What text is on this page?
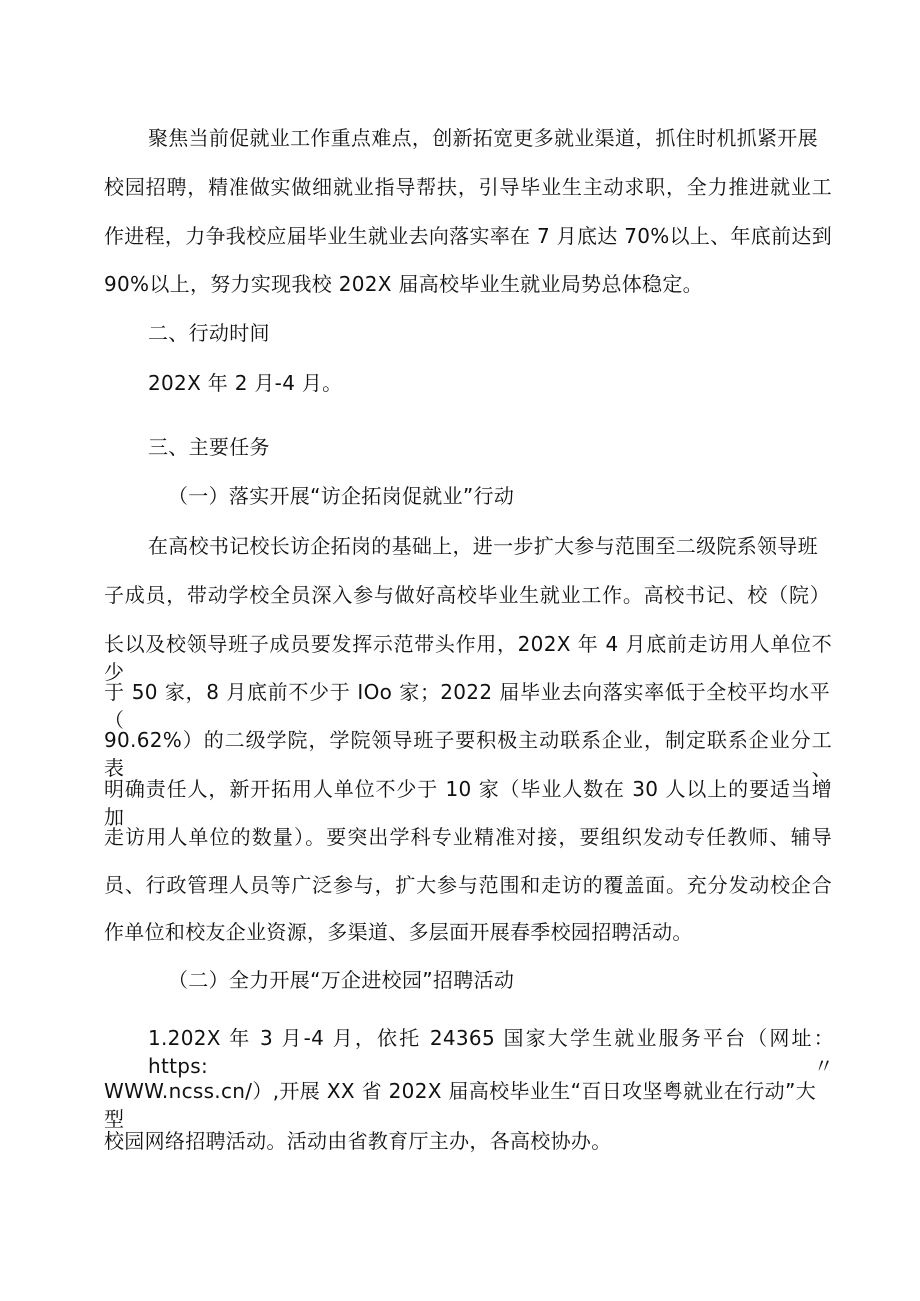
聚焦当前促就业工作重点难点，创新拓宽更多就业渠道，抓住时机抓紧开展
校园招聘，精准做实做细就业指导帮扶，引导毕业生主动求职，全力推进就业工
作进程，力争我校应届毕业生就业去向落实率在 7 月底达 70%以上、年底前达到
90%以上，努力实现我校 202X 届高校毕业生就业局势总体稳定。
二、行动时间
202X 年 2 月-4 月。
三、主要任务
（一）落实开展“访企拓岗促就业”行动
在高校书记校长访企拓岗的基础上，进一步扩大参与范围至二级院系领导班
子成员，带动学校全员深入参与做好高校毕业生就业工作。高校书记、校（院）
长以及校领导班子成员要发挥示范带头作用，202X 年 4 月底前走访用人单位不少
于 50 家，8 月底前不少于 IOo 家；2022 届毕业去向落实率低于全校平均水平（
90.62%）的二级学院，学院领导班子要积极主动联系企业，制定联系企业分工表、
明确责任人，新开拓用人单位不少于 10 家（毕业人数在 30 人以上的要适当增加
走访用人单位的数量）。要突出学科专业精准对接，要组织发动专任教师、辅导
员、行政管理人员等广泛参与，扩大参与范围和走访的覆盖面。充分发动校企合
作单位和校友企业资源，多渠道、多层面开展春季校园招聘活动。
（二）全力开展“万企进校园”招聘活动
1.202X 年 3 月-4 月，依托 24365 国家大学生就业服务平台（网址：https:〃
WWW.ncss.cn/）,开展 XX 省 202X 届高校毕业生“百日攻坚粤就业在行动”大型
校园网络招聘活动。活动由省教育厅主办，各高校协办。
